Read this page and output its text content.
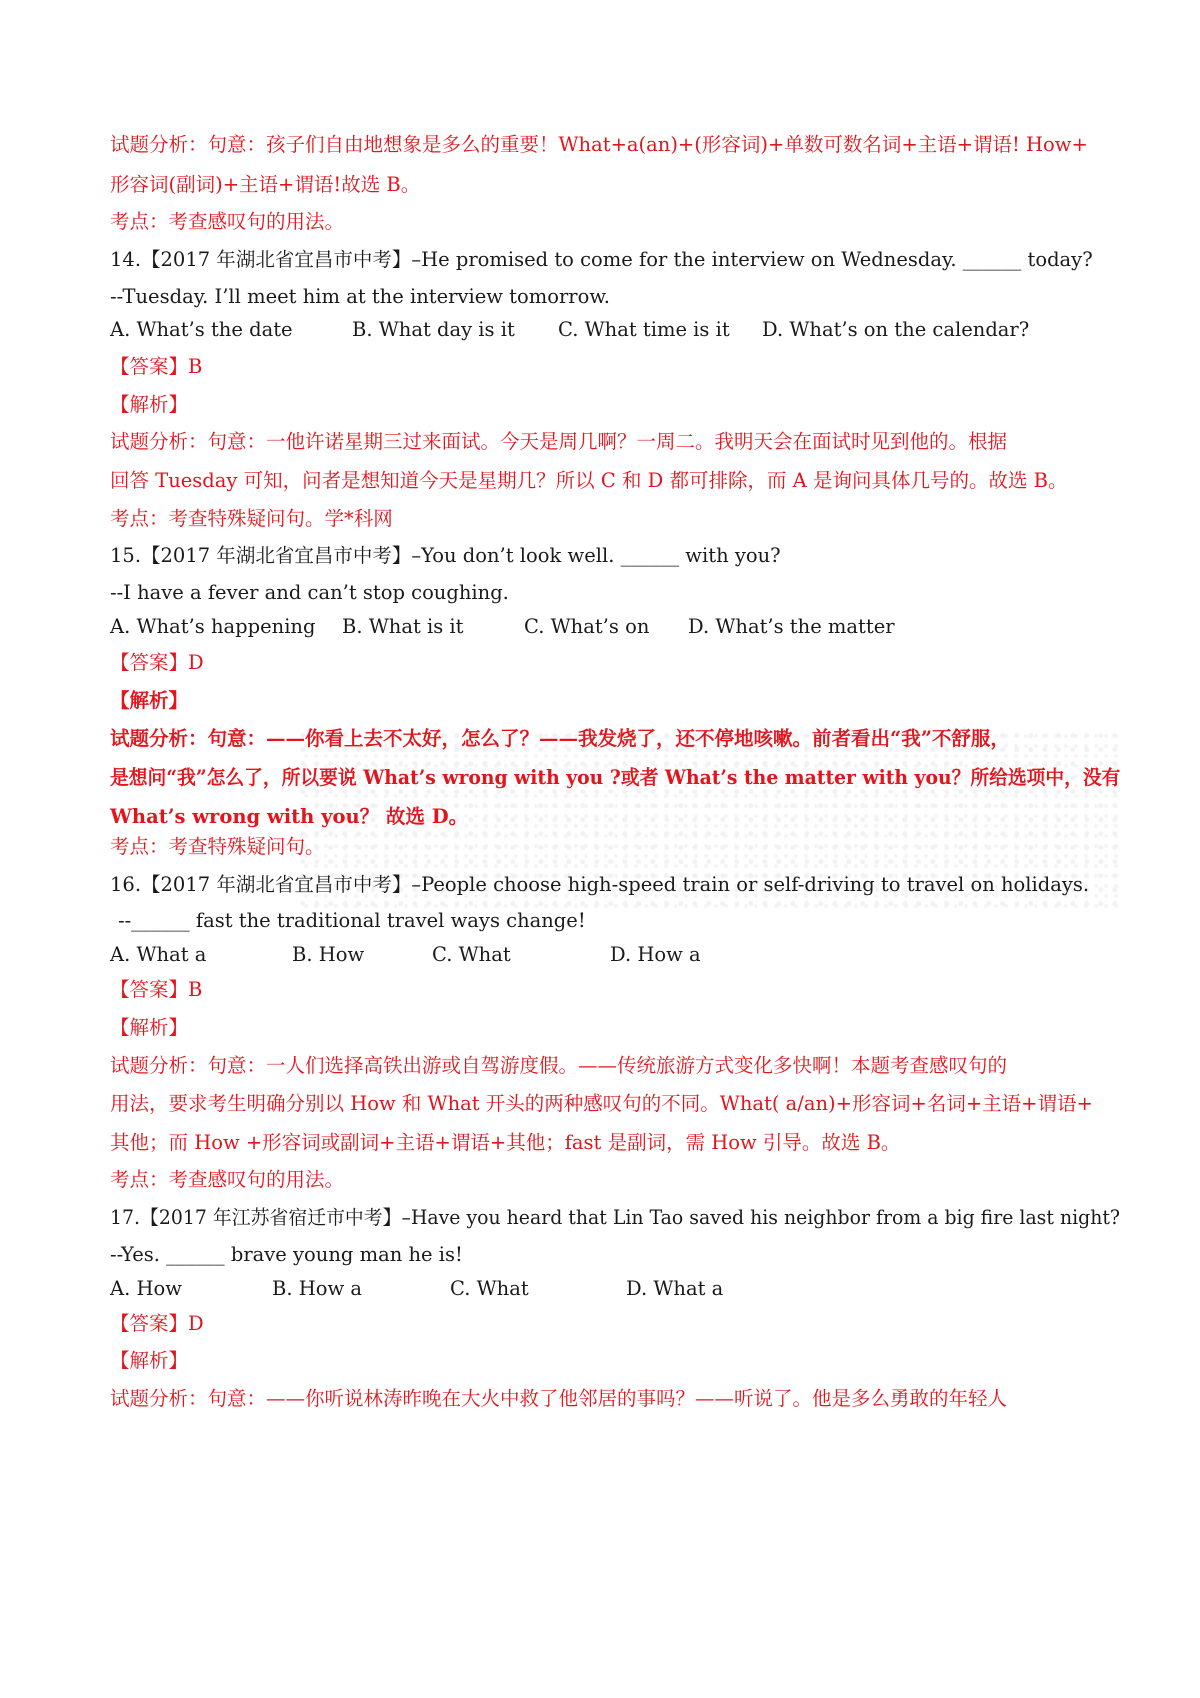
试题分析：句意：孩子们自由地想象是多么的重要！What+a(an)+(形容词)+单数可数名词+主语+谓语! How+
形容词(副词)+主语+谓语!故选 B。
考点：考查感叹句的用法。
14.【2017 年湖北省宜昌市中考】–He promised to come for the interview on Wednesday. ______ today?
--Tuesday. I’ll meet him at the interview tomorrow.
A. What’s the date	B. What day is it C. What time is it D. What’s on the calendar?
【答案】B
【解析】
试题分析：句意：一他许诺星期三过来面试。今天是周几啊？一周二。我明天会在面试时见到他的。根据
回答 Tuesday 可知，问者是想知道今天是星期几？所以 C 和 D 都可排除，而 A 是询问具体几号的。故选 B。
考点：考查特殊疑问句。学*科网
15.【2017 年湖北省宜昌市中考】–You don’t look well. ______ with you?
--I have a fever and can’t stop coughing.
A. What’s happening B. What is it	C. What’s on D. What’s the matter
【答案】D
【解析】
试题分析：句意：——你看上去不太好，怎么了？——我发烧了，还不停地咳嗽。前者看出“我”不舒服，
是想问“我”怎么了，所以要说 What’s wrong with you ?或者 What’s the matter with you？所给选项中，没有
What’s wrong with you？ 故选 D。
考点：考查特殊疑问句。
16.【2017 年湖北省宜昌市中考】–People choose high-speed train or self-driving to travel on holidays.
--______ fast the traditional travel ways change!
A. What a	B. How	C. What	D. How a
【答案】B
【解析】
试题分析：句意：一人们选择高铁出游或自驾游度假。——传统旅游方式变化多快啊！本题考查感叹句的
用法，要求考生明确分别以 How 和 What 开头的两种感叹句的不同。What( a/an)+形容词+名词+主语+谓语+
其他；而 How +形容词或副词+主语+谓语+其他；fast 是副词，需 How 引导。故选 B。
考点：考查感叹句的用法。
17.【2017 年江苏省宿迁市中考】–Have you heard that Lin Tao saved his neighbor from a big fire last night?
--Yes. ______ brave young man he is!
A. How	B. How a	C. What	D. What a
【答案】D
【解析】
试题分析：句意：——你听说林涛昨晚在大火中救了他邻居的事吗？——听说了。他是多么勇敢的年轻人
